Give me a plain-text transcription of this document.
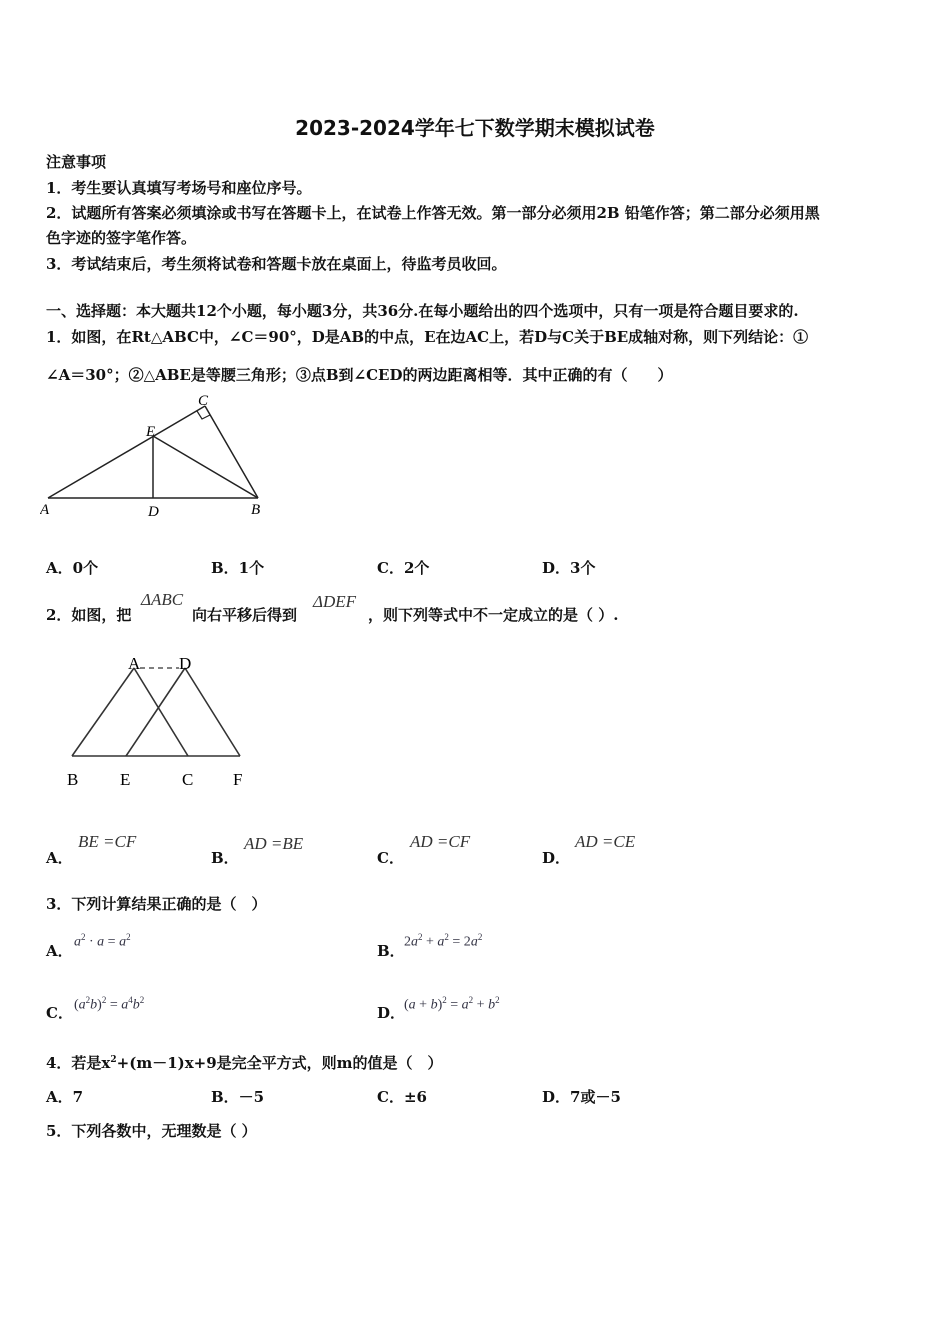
2023-2024学年七下数学期末模拟试卷
注意事项
1．考生要认真填写考场号和座位序号。
2．试题所有答案必须填涂或书写在答题卡上，在试卷上作答无效。第一部分必须用2B 铅笔作答；第二部分必须用黑
色字迹的签字笔作答。
3．考试结束后，考生须将试卷和答题卡放在桌面上，待监考员收回。
一、选择题：本大题共12个小题，每小题3分，共36分.在每小题给出的四个选项中，只有一项是符合题目要求的.
1．如图，在Rt△ABC中，∠C＝90°，D是AB的中点，E在边AC上，若D与C关于BE成轴对称，则下列结论：①
∠A＝30°；②△ABE是等腰三角形；③点B到∠CED的两边距离相等．其中正确的有（　　）
A	D	B
C
E
A．0个	B．1个	C．2个	D．3个
2．如图，把
ΔABC
向右平移后得到
ΔDEF
，则下列等式中不一定成立的是（ ）.
A D
B E	C F
A．
BE =CF
B．
AD =BE
C．
AD =CF
D．
AD =CE
3．下列计算结果正确的是（　）
A． $a^2 \cdot a = a^2$
B． $2a^2 + a^2 = 2a^2$
C． $(a^2b)^2 = a^4b^2$
D．
$(a + b)^2 = a^2 + b^2$
4．若是$x^2+(m-1)x+9$是完全平方式，则m的值是（　）
A．7	B．－5	C．±6	D．7或－5
5．下列各数中，无理数是（ ）
